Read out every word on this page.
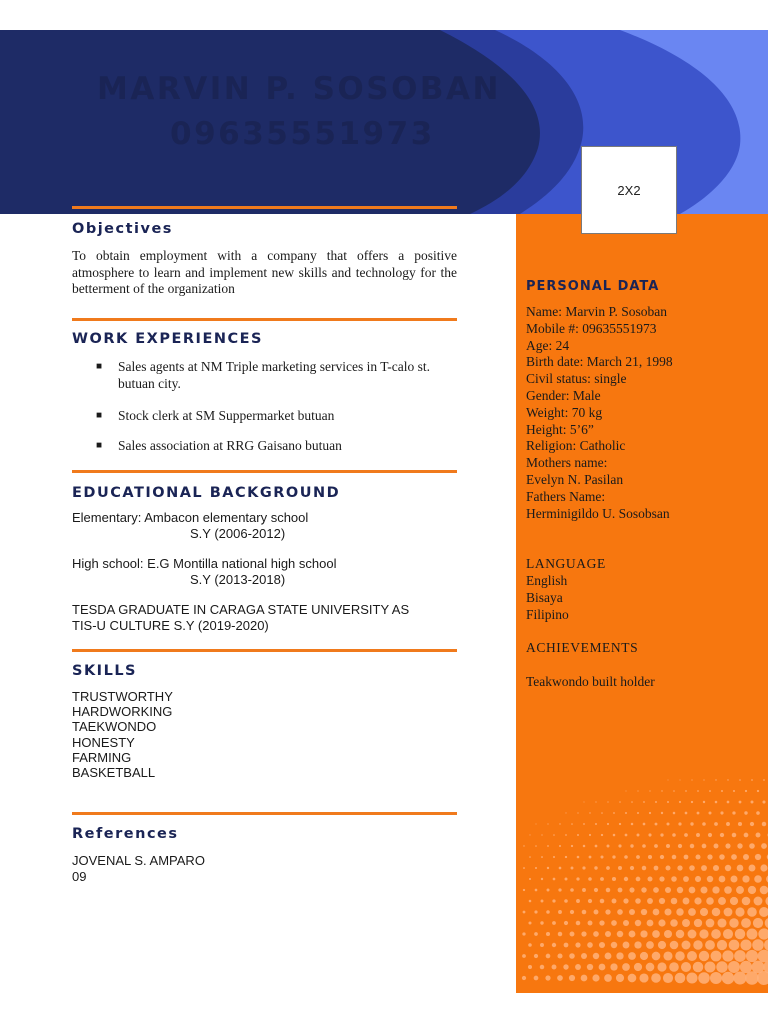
MARVIN P. SOSOBAN
09635551973
PERSONAL DATA
Name: Marvin P. Sosoban
Mobile #: 09635551973
Age: 24
Birth date: March 21, 1998
Civil status: single
Gender: Male
Weight: 70 kg
Height: 5’6”
Religion: Catholic
Mothers name:
Evelyn N. Pasilan
Fathers Name:
Herminigildo U. Sosobsan
LANGUAGE
English
Bisaya
Filipino
ACHIEVEMENTS
Teakwondo built holder
2X2
Objectives
To obtain employment with a company that offers a positive atmosphere to learn and implement new skills and technology for the betterment of the organization
WORK EXPERIENCES
■	Sales agents at NM Triple marketing services in T-calo st. butuan city.
■	Stock clerk at SM Suppermarket butuan
■	Sales association at RRG Gaisano butuan
EDUCATIONAL BACKGROUND
Elementary: Ambacon elementary school
S.Y (2006-2012)
High school: E.G Montilla national high school
S.Y (2013-2018)
TESDA GRADUATE IN CARAGA STATE UNIVERSITY AS
TIS-U CULTURE S.Y (2019-2020)
SKILLS
TRUSTWORTHY
HARDWORKING
TAEKWONDO
HONESTY
FARMING
BASKETBALL
References
JOVENAL S. AMPARO
09
